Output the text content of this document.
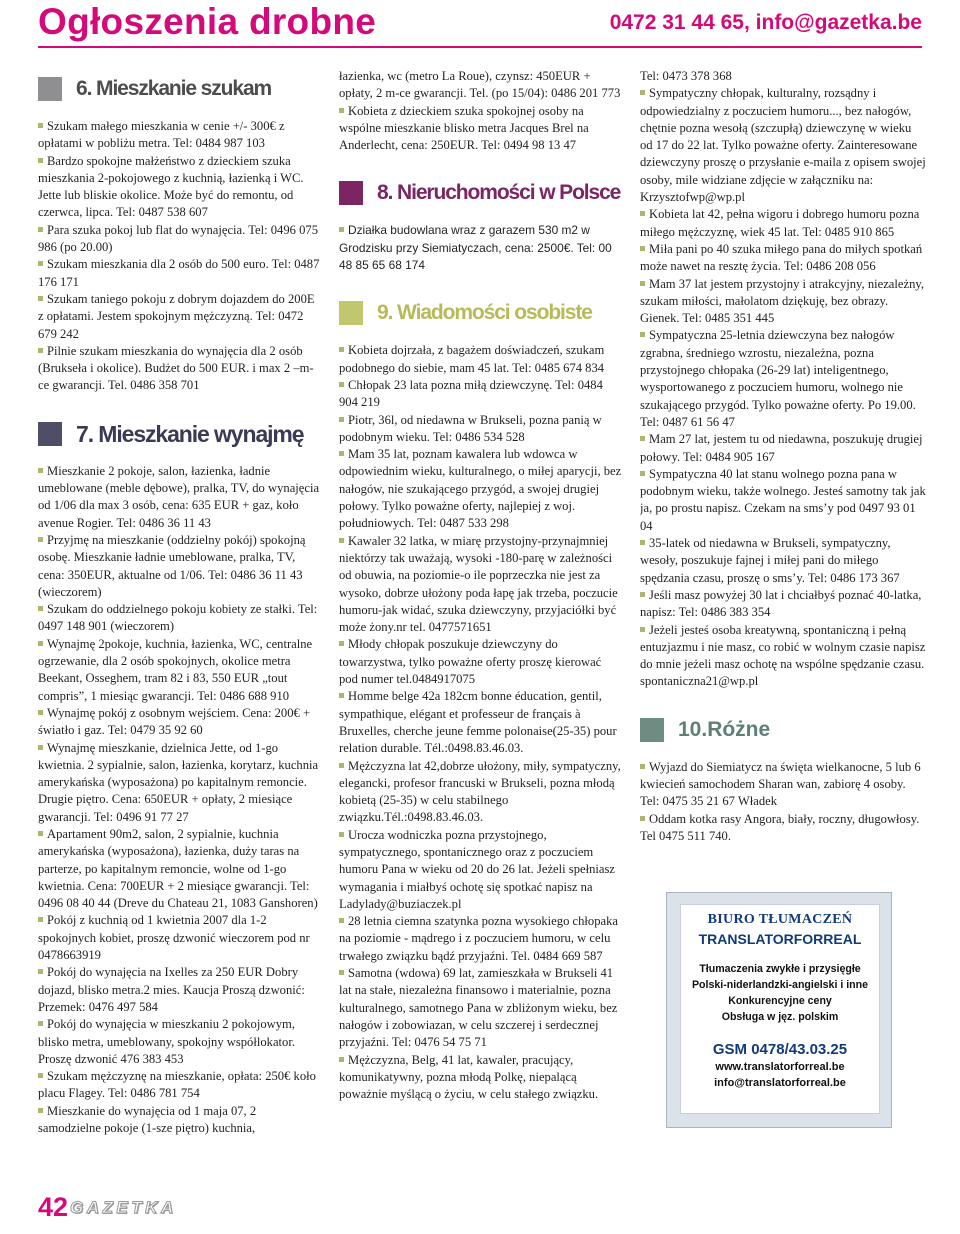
Ogłoszenia drobne	0472 31 44 65, info@gazetka.be
6. Mieszkanie szukam

Szukam małego mieszkania w cenie +/- 300€ z opłatami w pobliżu metra. Tel: 0484 987 103

Bardzo spokojne małżeństwo z dzieckiem szuka mieszkania 2-pokojowego z kuchnią, łazienką i WC. Jette lub bliskie okolice. Może być do remontu, od czerwca, lipca. Tel: 0487 538 607

Para szuka pokoj lub flat do wynajęcia. Tel: 0496 075 986 (po 20.00)

Szukam mieszkania dla 2 osób do 500 euro. Tel: 0487 176 171

Szukam taniego pokoju z dobrym dojazdem do 200E z opłatami. Jestem spokojnym mężczyzną. Tel: 0472 679 242

Pilnie szukam mieszkania do wynajęcia dla 2 osób (Brukseła i okolice). Budżet do 500 EUR. i max 2 –m-ce gwarancji. Tel. 0486 358 701

7. Mieszkanie wynajmę

Mieszkanie 2 pokoje, salon, łazienka, ładnie umeblowane (meble dębowe), pralka, TV, do wynajęcia od 1/06 dla max 3 osób, cena: 635 EUR + gaz, koło avenue Rogier. Tel: 0486 36 11 43

Przyjmę na mieszkanie (oddzielny pokój) spokojną osobę. Mieszkanie ładnie umeblowane, pralka, TV, cena: 350EUR, aktualne od 1/06. Tel: 0486 36 11 43 (wieczorem)

Szukam do oddzielnego pokoju kobiety ze stałki. Tel: 0497 148 901 (wieczorem)

Wynajmę 2pokoje, kuchnia, łazienka, WC, centralne ogrzewanie, dla 2 osób spokojnych, okolice metra Beekant, Osseghem, tram 82 i 83, 550 EUR „tout compris”, 1 miesiąc gwarancji. Tel: 0486 688 910

Wynajmę pokój z osobnym wejściem. Cena: 200€ + światło i gaz. Tel: 0479 35 92 60

Wynajmę mieszkanie, dzielnica Jette, od 1-go kwietnia. 2 sypialnie, salon, łazienka, korytarz, kuchnia amerykańska (wyposażona) po kapitalnym remoncie. Drugie piętro. Cena: 650EUR + opłaty, 2 miesiące gwarancji. Tel: 0496 91 77 27

Apartament 90m2, salon, 2 sypialnie, kuchnia amerykańska (wyposażona), łazienka, duży taras na parterze, po kapitalnym remoncie, wolne od 1-go kwietnia. Cena: 700EUR + 2 miesiące gwarancji. Tel: 0496 08 40 44 (Dreve du Chateau 21, 1083 Ganshoren)

Pokój z kuchnią od 1 kwietnia 2007 dla 1-2 spokojnych kobiet, proszę dzwonić wieczorem pod nr 0478663919

Pokój do wynajęcia na Ixelles za 250 EUR Dobry dojazd, blisko metra.2 mies. Kaucja Proszą dzwonić: Przemek: 0476 497 584

Pokój do wynajęcia w mieszkaniu 2 pokojowym, blisko metra, umeblowany, spokojny współlokator. Proszę dzwonić 476 383 453

Szukam mężczyznę na mieszkanie, opłata: 250€ koło placu Flagey. Tel: 0486 781 754

Mieszkanie do wynajęcia od 1 maja 07, 2 samodzielne pokoje (1-sze piętro) kuchnia,

łazienka, wc (metro La Roue), czynsz: 450EUR + opłaty, 2 m-ce gwarancji. Tel. (po 15/04): 0486 201 773

Kobieta z dzieckiem szuka spokojnej osoby na wspólne mieszkanie blisko metra Jacques Brel na Anderlecht, cena: 250EUR. Tel: 0494 98 13 47

8. Nieruchomości w Polsce

Działka budowlana wraz z garazem 530 m2 w Grodzisku przy Siemiatyczach, cena: 2500€. Tel: 00 48 85 65 68 174

9. Wiadomości osobiste

Kobieta dojrzała, z bagażem doświadczeń, szukam podobnego do siebie, mam 45 lat. Tel: 0485 674 834

Chłopak 23 lata pozna miłą dziewczynę. Tel: 0484 904 219

Piotr, 36l, od niedawna w Brukseli, pozna panią w podobnym wieku. Tel: 0486 534 528

Mam 35 lat, poznam kawalera lub wdowca w odpowiednim wieku, kulturalnego, o miłej aparycji, bez nałogów, nie szukającego przygód, a swojej drugiej połowy. Tylko poważne oferty, najlepiej z woj. południowych. Tel: 0487 533 298

Kawaler 32 latka, w miarę przystojny-przynajmniej niektórzy tak uważają, wysoki -180-parę w zależności od obuwia, na poziomie-o ile poprzeczka nie jest za wysoko, dobrze ułożony poda łapę jak trzeba, poczucie humoru-jak widać, szuka dziewczyny, przyjaciółki być może żony.nr tel. 0477571651

Młody chłopak poszukuje dziewczyny do towarzystwa, tylko poważne oferty proszę kierować pod numer tel.0484917075

Homme belge 42a 182cm bonne éducation, gentil, sympathique, elégant et professeur de français à Bruxelles, cherche jeune femme polonaise(25-35) pour relation durable. Tél.:0498.83.46.03.

Mężczyzna lat 42,dobrze ułożony, miły, sympatyczny, elegancki, profesor francuski w Brukseli, pozna młodą kobietą (25-35) w celu stabilnego związku.Tél.:0498.83.46.03.

Urocza wodniczka pozna przystojnego, sympatycznego, spontanicznego oraz z poczuciem humoru Pana w wieku od 20 do 26 lat. Jeżeli spełniasz wymagania i miałbyś ochotę się spotkać napisz na Ladylady@buziaczek.pl

28 letnia ciemna szatynka pozna wysokiego chłopaka na poziomie - mądrego i z poczuciem humoru, w celu trwałego związku bądź przyjaźni. Tel. 0484 669 587

Samotna (wdowa) 69 lat, zamieszkała w Brukseli 41 lat na stałe, niezależna finansowo i materialnie, pozna kulturalnego, samotnego Pana w zbliżonym wieku, bez nałogów i zobowiazan, w celu szczerej i serdecznej przyjaźni. Tel: 0476 54 75 71

Mężczyzna, Belg, 41 lat, kawaler, pracujący, komunikatywny, pozna młodą Polkę, niepalącą poważnie myślącą o życiu, w celu stałego związku.

Tel: 0473 378 368

Sympatyczny chłopak, kulturalny, rozsądny i odpowiedzialny z poczuciem humoru..., bez nałogów, chętnie pozna wesołą (szczupłą) dziewczynę w wieku od 17 do 22 lat. Tylko poważne oferty. Zainteresowane dziewczyny proszę o przysłanie e-maila z opisem swojej osoby, mile widziane zdjęcie w załączniku na: Krzysztofwp@wp.pl

Kobieta lat 42, pełna wigoru i dobrego humoru pozna miłego mężczyznę, wiek 45 lat. Tel: 0485 910 865

Miła pani po 40 szuka miłego pana do miłych spotkań może nawet na resztę życia. Tel: 0486 208 056

Mam 37 lat jestem przystojny i atrakcyjny, niezależny, szukam miłości, małolatom dziękuję, bez obrazy. Gienek. Tel: 0485 351 445

Sympatyczna 25-letnia dziewczyna bez nałogów zgrabna, średniego wzrostu, niezależna, pozna przystojnego chłopaka (26-29 lat) inteligentnego, wysportowanego z poczuciem humoru, wolnego nie szukającego przygód. Tylko poważne oferty. Po 19.00. Tel: 0487 61 56 47

Mam 27 lat, jestem tu od niedawna, poszukuję drugiej połowy. Tel: 0484 905 167

Sympatyczna 40 lat stanu wolnego pozna pana w podobnym wieku, także wolnego. Jesteś samotny tak jak ja, po prostu napisz. Czekam na sms’y pod 0497 93 01 04

35-latek od niedawna w Brukseli, sympatyczny, wesoły, poszukuje fajnej i miłej pani do miłego spędzania czasu, proszę o sms’y. Tel: 0486 173 367

Jeśli masz powyżej 30 lat i chciałbyś poznać 40-latka, napisz: Tel: 0486 383 354

Jeżeli jesteś osoba kreatywną, spontaniczną i pełną entuzjazmu i nie masz, co robić w wolnym czasie napisz do mnie jeżeli masz ochotę na wspólne spędzanie czasu. spontaniczna21@wp.pl

10.Różne

Wyjazd do Siemiatycz na święta wielkanocne, 5 lub 6 kwiecień samochodem Sharan wan, zabiorę 4 osoby. Tel: 0475 35 21 67 Władek

Oddam kotka rasy Angora, biały, roczny, długowłosy. Tel 0475 511 740.

BIURO TŁUMACZEŃ
TRANSLATORFORREAL
Tłumaczenia zwykłe i przysięgłe
Polski-niderlandzki-angielski i inne
Konkurencyjne ceny
Obsługa w jęz. polskim
GSM 0478/43.03.25
www.translatorforreal.be
info@translatorforreal.be
42 GAZETKA
